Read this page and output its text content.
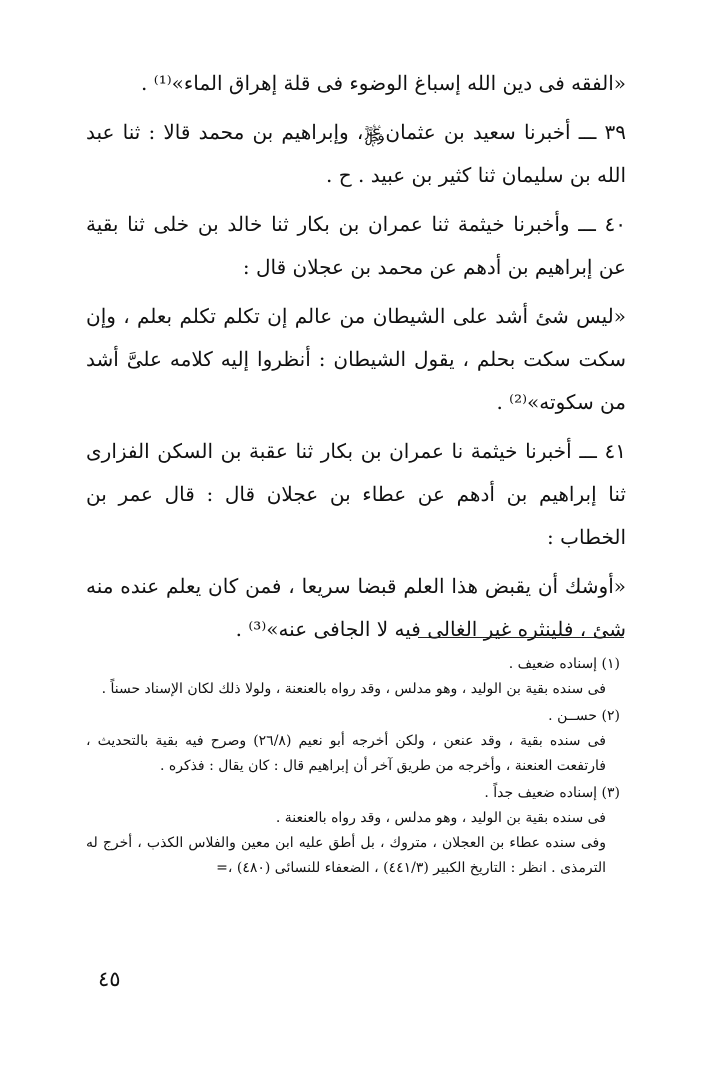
«الفقه فى دين الله إسباغ الوضوء فى قلة إهراق الماء»⁽¹⁾ .

٣٩ ـــ أخبرنا سعيد بن عثمان﷿، وإبراهيم بن محمد قالا : ثنا عبد الله بن سليمان ثنا كثير بن عبيد . ح .

٤٠ ـــ وأخبرنا خيثمة ثنا عمران بن بكار ثنا خالد بن خلى ثنا بقية عن إبراهيم بن أدهم عن محمد بن عجلان قال :

«ليس شئ أشد على الشيطان من عالم إن تكلم تكلم بعلم ، وإن سكت سكت بحلم ، يقول الشيطان : أنظروا إليه كلامه علىَّ أشد من سكوته»⁽²⁾ .

٤١ ـــ أخبرنا خيثمة نا عمران بن بكار ثنا عقبة بن السكن الفزارى ثنا إبراهيم بن أدهم عن عطاء بن عجلان قال : قال عمر بن الخطاب :

«أوشك أن يقبض هذا العلم قبضا سريعا ، فمن كان يعلم عنده منه شئ ، فلينثره غير الغالى فيه لا الجافى عنه»⁽³⁾ .

(١) إسناده ضعيف .

فى سنده بقية بن الوليد ، وهو مدلس ، وقد رواه بالعنعنة ، ولولا ذلك لكان الإسناد حسناً .

(٢) حســن .

فى سنده بقية ، وقد عنعن ، ولكن أخرجه أبو نعيم (٢٦/٨) وصرح فيه بقية بالتحديث ، فارتفعت العنعنة ، وأخرجه من طريق آخر أن إبراهيم قال : كان يقال : فذكره .

(٣) إسناده ضعيف جداً .

فى سنده بقية بن الوليد ، وهو مدلس ، وقد رواه بالعنعنة .

وفى سنده عطاء بن العجلان ، متروك ، بل أطق عليه ابن معين والفلاس الكذب ، أخرج له الترمذى . انظر : التاريخ الكبير (٤٤١/٣) ، الضعفاء للنسائى (٤٨٠) ،=

٤٥
